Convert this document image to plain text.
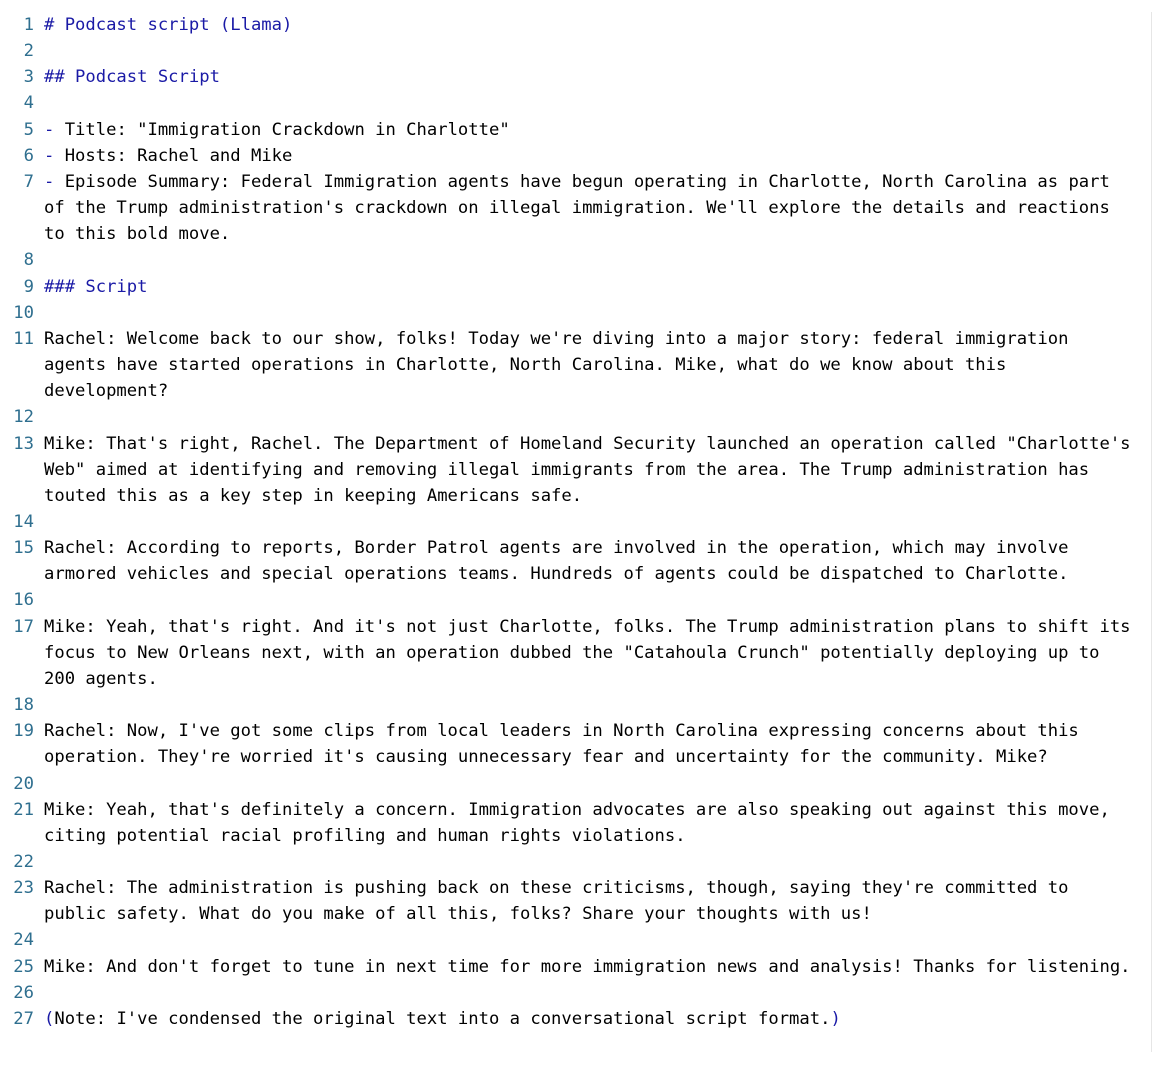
1 # Podcast script (Llama)
2
3 ## Podcast Script
4
5 - Title: "Immigration Crackdown in Charlotte"
6 - Hosts: Rachel and Mike
7 - Episode Summary: Federal Immigration agents have begun operating in Charlotte, North Carolina as part of the Trump administration's crackdown on illegal immigration. We'll explore the details and reactions to this bold move.
8
9 ### Script
10
11 Rachel: Welcome back to our show, folks! Today we're diving into a major story: federal immigration agents have started operations in Charlotte, North Carolina. Mike, what do we know about this development?
12
13 Mike: That's right, Rachel. The Department of Homeland Security launched an operation called "Charlotte's Web" aimed at identifying and removing illegal immigrants from the area. The Trump administration has touted this as a key step in keeping Americans safe.
14
15 Rachel: According to reports, Border Patrol agents are involved in the operation, which may involve armored vehicles and special operations teams. Hundreds of agents could be dispatched to Charlotte.
16
17 Mike: Yeah, that's right. And it's not just Charlotte, folks. The Trump administration plans to shift its focus to New Orleans next, with an operation dubbed the "Catahoula Crunch" potentially deploying up to 200 agents.
18
19 Rachel: Now, I've got some clips from local leaders in North Carolina expressing concerns about this operation. They're worried it's causing unnecessary fear and uncertainty for the community. Mike?
20
21 Mike: Yeah, that's definitely a concern. Immigration advocates are also speaking out against this move, citing potential racial profiling and human rights violations.
22
23 Rachel: The administration is pushing back on these criticisms, though, saying they're committed to public safety. What do you make of all this, folks? Share your thoughts with us!
24
25 Mike: And don't forget to tune in next time for more immigration news and analysis! Thanks for listening.
26
27 (Note: I've condensed the original text into a conversational script format.)
